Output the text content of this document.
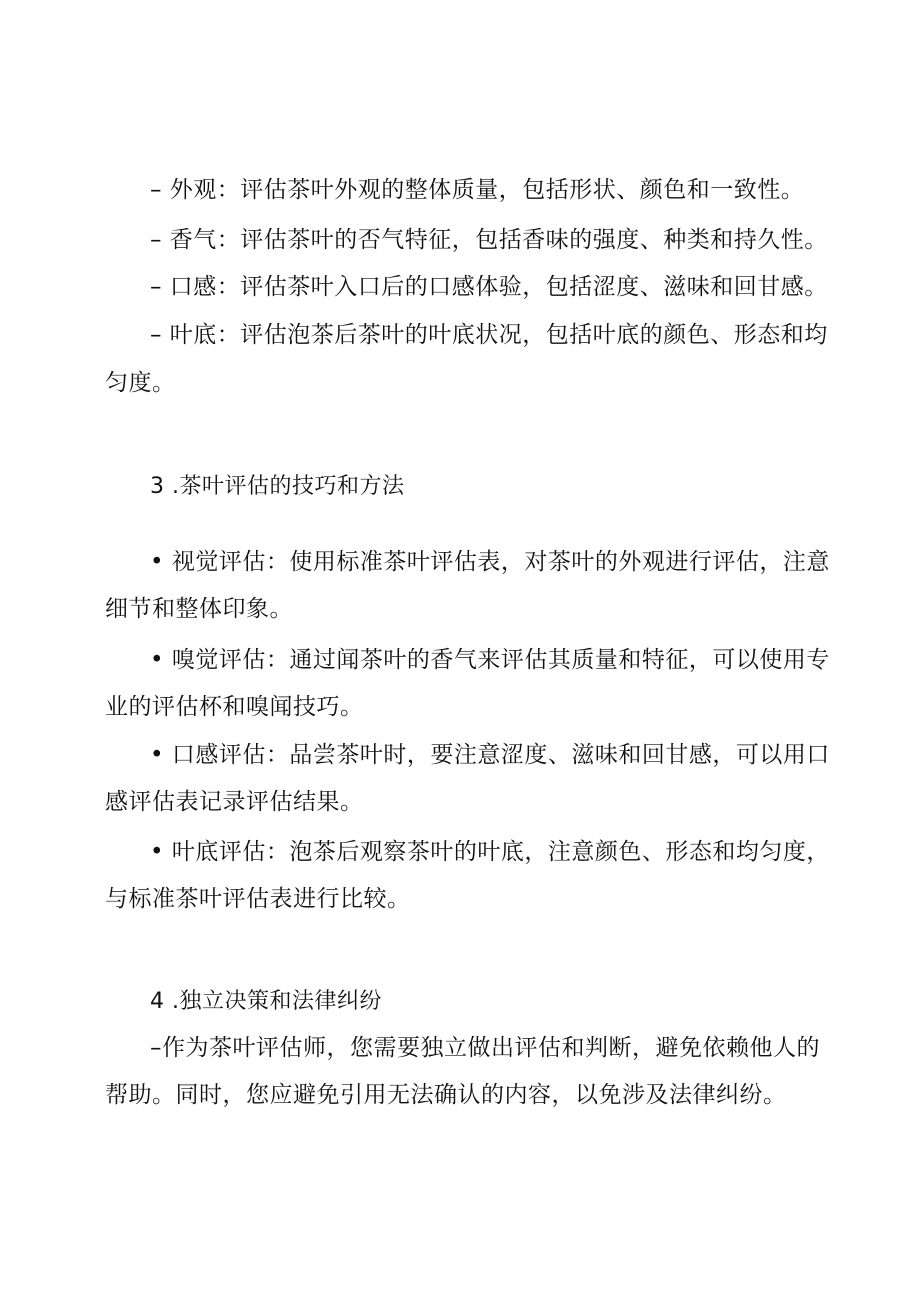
– 外观：评估茶叶外观的整体质量，包括形状、颜色和一致性。
– 香气：评估茶叶的否气特征，包括香味的强度、种类和持久性。
– 口感：评估茶叶入口后的口感体验，包括涩度、滋味和回甘感。
– 叶底：评估泡茶后茶叶的叶底状况，包括叶底的颜色、形态和均
匀度。
3 .茶叶评估的技巧和方法
• 视觉评估：使用标准茶叶评估表，对茶叶的外观进行评估，注意
细节和整体印象。
• 嗅觉评估：通过闻茶叶的香气来评估其质量和特征，可以使用专
业的评估杯和嗅闻技巧。
• 口感评估：品尝茶叶时，要注意涩度、滋味和回甘感，可以用口
感评估表记录评估结果。
• 叶底评估：泡茶后观察茶叶的叶底，注意颜色、形态和均匀度，
与标准茶叶评估表进行比较。
4 .独立决策和法律纠纷
–作为茶叶评估师，您需要独立做出评估和判断，避免依赖他人的
帮助。同时，您应避免引用无法确认的内容，以免涉及法律纠纷。
